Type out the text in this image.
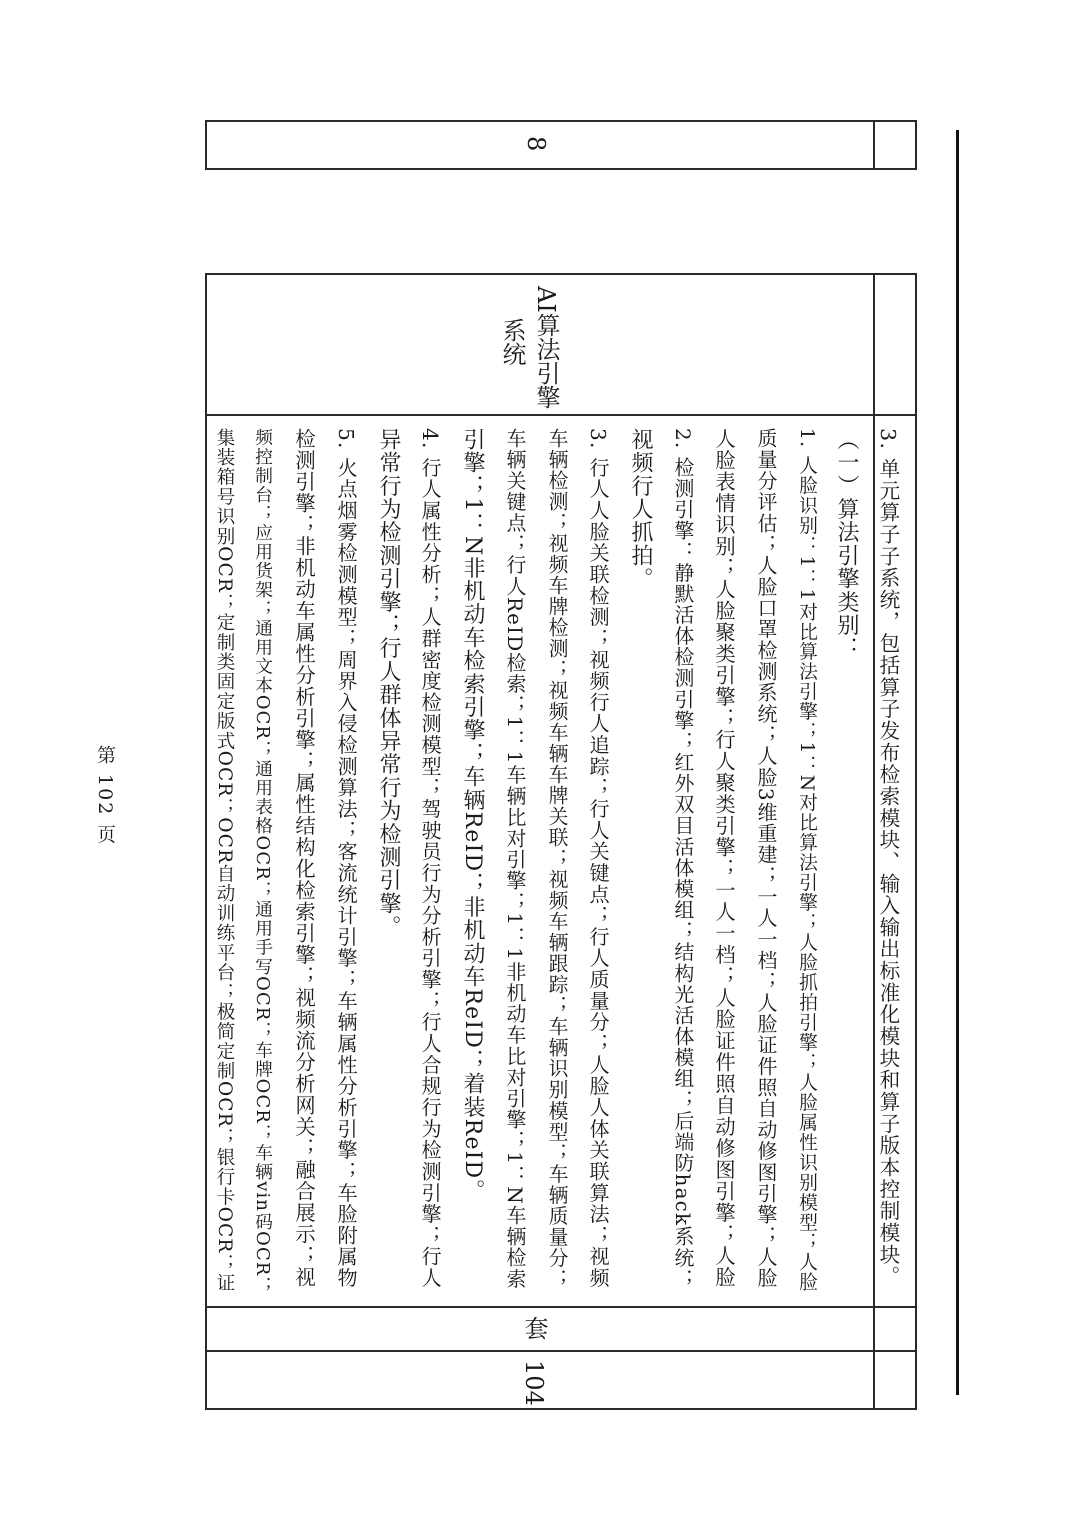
8
AI算法引擎
系统
3. 单元算子子系统，包括算子发布检索模块、输入输出标准化模块和算子版本控制模块。
（一）算法引擎类别：
1. 人脸识别：1：1对比算法引擎；1：N对比算法引擎；人脸抓拍引擎；人脸属性识别模型；人脸
质量分评估；人脸口罩检测系统；人脸3维重建；一人一档；人脸证件照自动修图引擎；人脸
人脸表情识别；人脸聚类引擎；行人聚类引擎；一人一档；人脸证件照自动修图引擎；人脸
2. 检测引擎：静默活体检测引擎；红外双目活体模组；结构光活体模组；后端防hack系统；
视频行人抓拍。
3. 行人人脸关联检测；视频行人追踪；行人关键点；行人质量分；人脸人体关联算法；视频
车辆检测；视频车牌检测；视频车辆车牌关联；视频车辆跟踪；车辆识别模型；车辆质量分；
车辆关键点；行人ReID检索；1：1车辆比对引擎；1：1非机动车比对引擎；1：N车辆检索
引擎；1：N非机动车检索引擎；车辆ReID；非机动车ReID；着装ReID。
4. 行人属性分析；人群密度检测模型；驾驶员行为分析引擎；行人合规行为检测引擎；行人
异常行为检测引擎；行人群体异常行为检测引擎。
5. 火点烟雾检测模型；周界入侵检测算法；客流统计引擎；车辆属性分析引擎；车脸附属物
检测引擎；非机动车属性分析引擎；属性结构化检索引擎；视频流分析网关；融合展示；视
频控制台；应用货架；通用文本OCR；通用表格OCR；通用手写OCR；车牌OCR；车辆vin码OCR；
集装箱号识别OCR；定制类固定版式OCR；OCR自动训练平台；极简定制OCR；银行卡OCR；证
套
104
第 102 页
